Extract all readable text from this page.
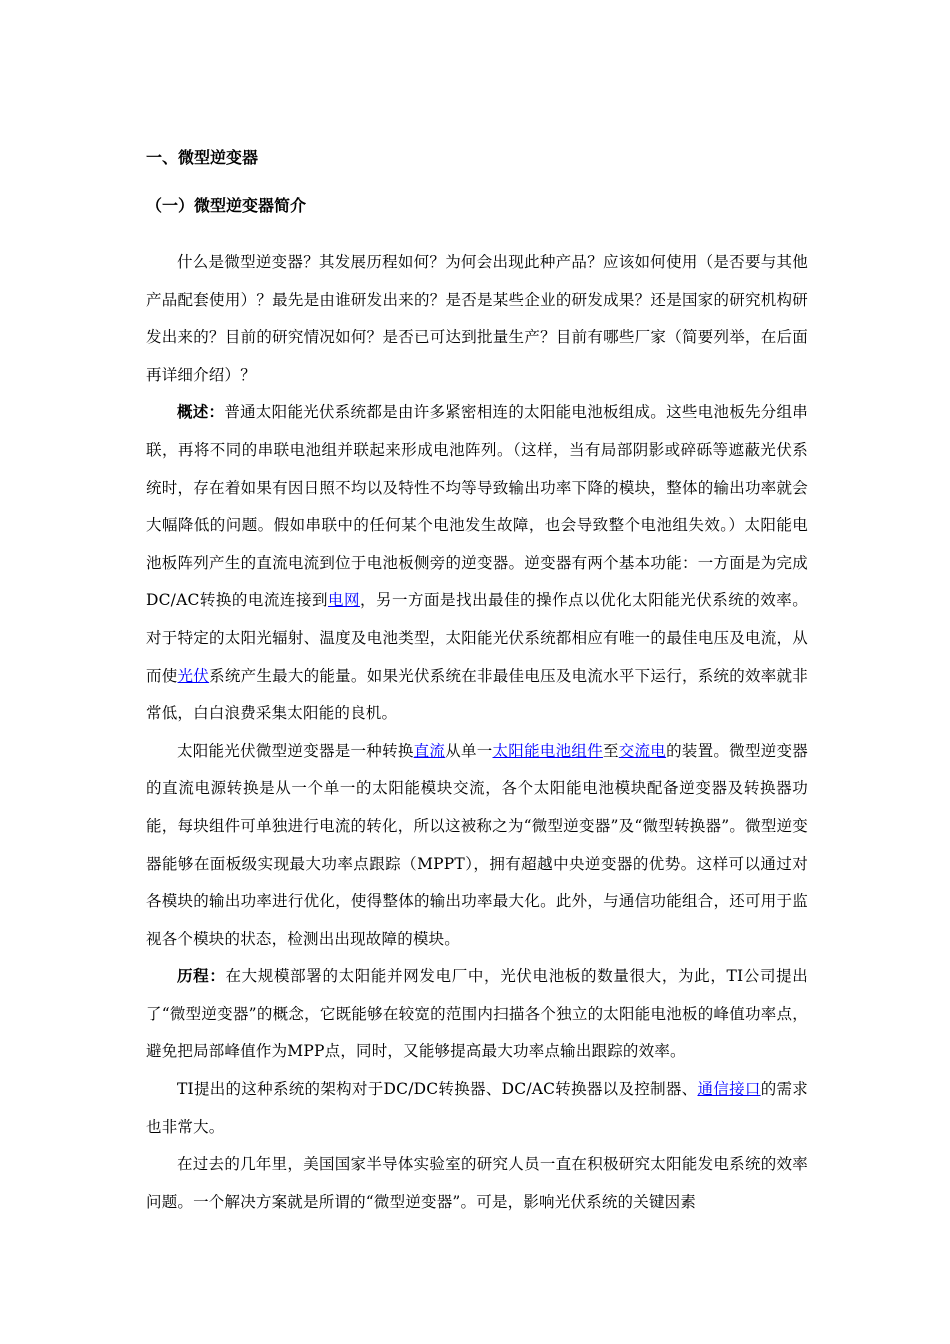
一、微型逆变器

（一）微型逆变器简介

什么是微型逆变器？其发展历程如何？为何会出现此种产品？应该如何使用（是否要与其他产品配套使用）？最先是由谁研发出来的？是否是某些企业的研发成果？还是国家的研究机构研发出来的？目前的研究情况如何？是否已可达到批量生产？目前有哪些厂家（简要列举，在后面再详细介绍）？

概述：普通太阳能光伏系统都是由许多紧密相连的太阳能电池板组成。这些电池板先分组串联，再将不同的串联电池组并联起来形成电池阵列。（这样，当有局部阴影或碎砾等遮蔽光伏系统时，存在着如果有因日照不均以及特性不均等导致输出功率下降的模块，整体的输出功率就会大幅降低的问题。假如串联中的任何某个电池发生故障，也会导致整个电池组失效。）太阳能电池板阵列产生的直流电流到位于电池板侧旁的逆变器。逆变器有两个基本功能：一方面是为完成DC/AC转换的电流连接到电网，另一方面是找出最佳的操作点以优化太阳能光伏系统的效率。对于特定的太阳光辐射、温度及电池类型，太阳能光伏系统都相应有唯一的最佳电压及电流，从而使光伏系统产生最大的能量。如果光伏系统在非最佳电压及电流水平下运行，系统的效率就非常低，白白浪费采集太阳能的良机。

太阳能光伏微型逆变器是一种转换直流从单一太阳能电池组件至交流电的装置。微型逆变器的直流电源转换是从一个单一的太阳能模块交流，各个太阳能电池模块配备逆变器及转换器功能，每块组件可单独进行电流的转化，所以这被称之为“微型逆变器”及“微型转换器”。微型逆变器能够在面板级实现最大功率点跟踪（MPPT），拥有超越中央逆变器的优势。这样可以通过对各模块的输出功率进行优化，使得整体的输出功率最大化。此外，与通信功能组合，还可用于监视各个模块的状态，检测出出现故障的模块。

历程：在大规模部署的太阳能并网发电厂中，光伏电池板的数量很大，为此，TI公司提出了“微型逆变器”的概念，它既能够在较宽的范围内扫描各个独立的太阳能电池板的峰值功率点，避免把局部峰值作为MPP点，同时，又能够提高最大功率点输出跟踪的效率。

TI提出的这种系统的架构对于DC/DC转换器、DC/AC转换器以及控制器、通信接口的需求也非常大。

在过去的几年里，美国国家半导体实验室的研究人员一直在积极研究太阳能发电系统的效率问题。一个解决方案就是所谓的“微型逆变器”。可是，影响光伏系统的关键因素
